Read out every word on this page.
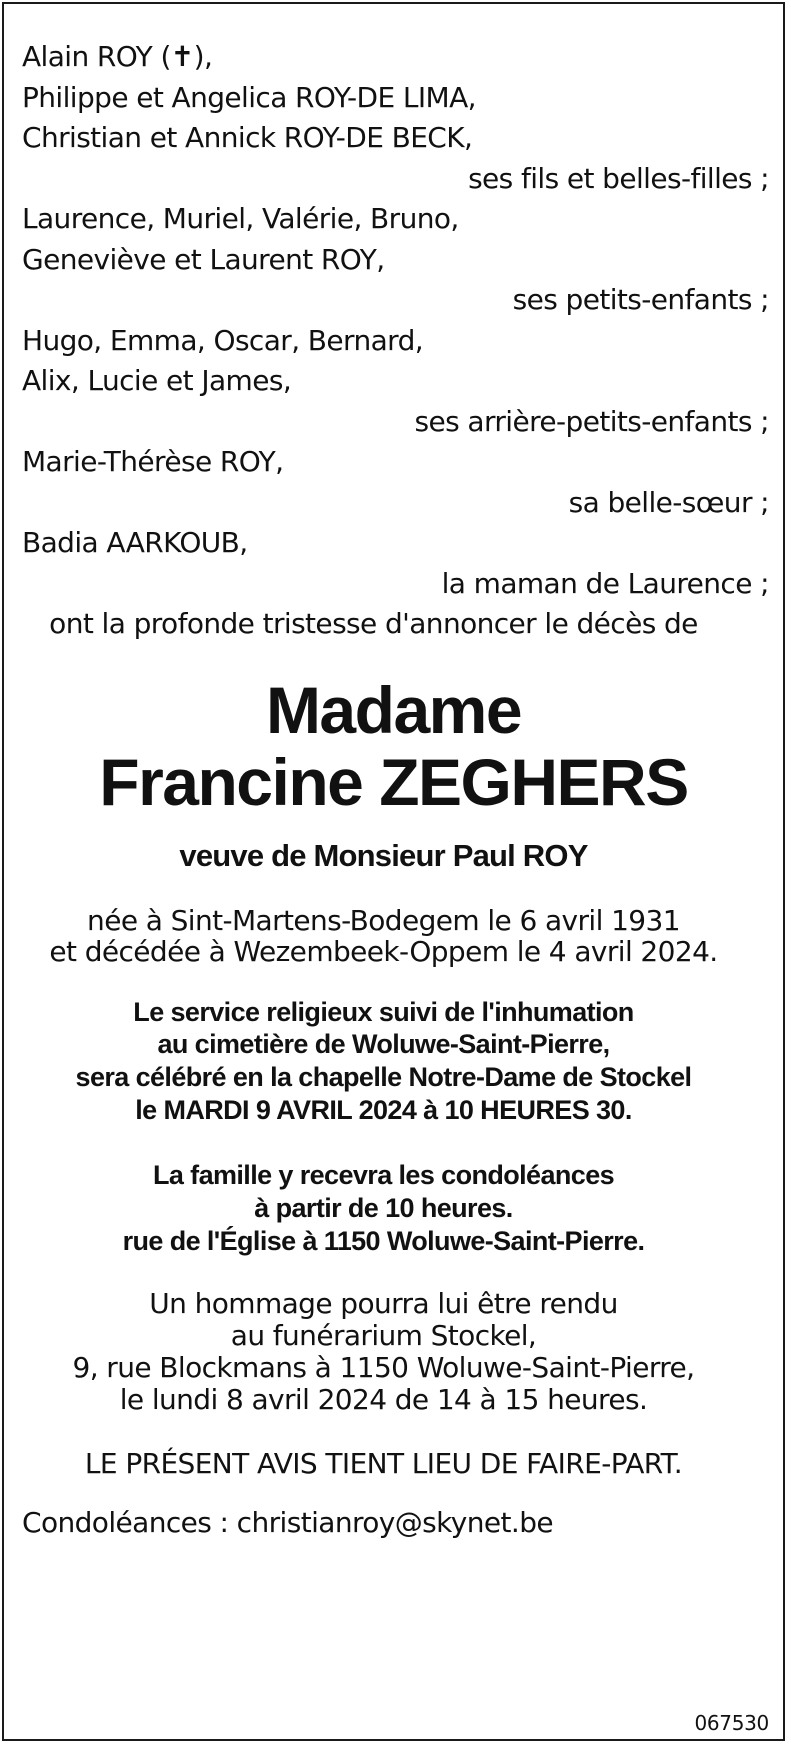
Alain ROY (✝),
Philippe et Angelica ROY-DE LIMA,
Christian et Annick ROY-DE BECK,
ses fils et belles-filles ;
Laurence, Muriel, Valérie, Bruno,
Geneviève et Laurent ROY,
ses petits-enfants ;
Hugo, Emma, Oscar, Bernard,
Alix, Lucie et James,
ses arrière-petits-enfants ;
Marie-Thérèse ROY,
sa belle-sœur ;
Badia AARKOUB,
la maman de Laurence ;
ont la profonde tristesse d'annoncer le décès de
Madame
Francine ZEGHERS
veuve de Monsieur Paul ROY
née à Sint-Martens-Bodegem le 6 avril 1931
et décédée à Wezembeek-Oppem le 4 avril 2024.
Le service religieux suivi de l'inhumation
au cimetière de Woluwe-Saint-Pierre,
sera célébré en la chapelle Notre-Dame de Stockel
le MARDI 9 AVRIL 2024 à 10 HEURES 30.
La famille y recevra les condoléances
à partir de 10 heures.
rue de l'Église à 1150 Woluwe-Saint-Pierre.
Un hommage pourra lui être rendu
au funérarium Stockel,
9, rue Blockmans à 1150 Woluwe-Saint-Pierre,
le lundi 8 avril 2024 de 14 à 15 heures.
LE PRÉSENT AVIS TIENT LIEU DE FAIRE-PART.
Condoléances : christianroy@skynet.be
067530
